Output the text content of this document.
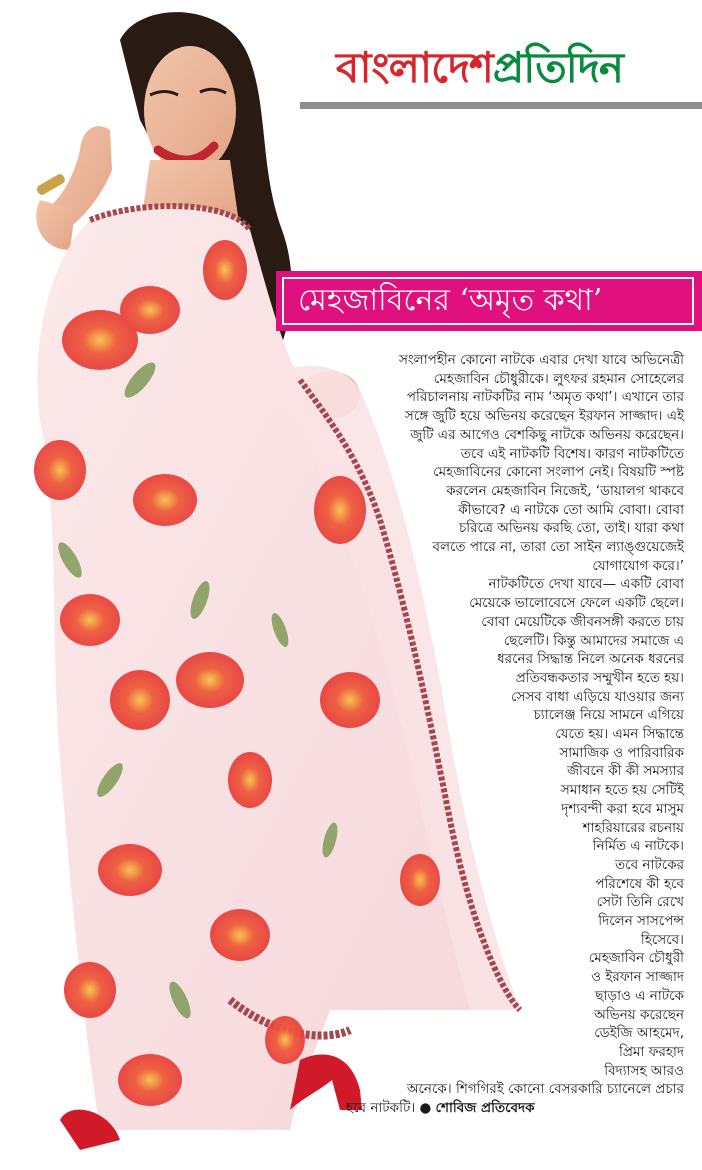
বাংলাদেশপ্রতিদিন
মেহজাবিনের ‘অমৃত কথা’
সংলাপহীন কোনো নাটকে এবার দেখা যাবে অভিনেত্রী
মেহজাবিন চৌধুরীকে। লুৎফর রহমান সোহেলের
পরিচালনায় নাটকটির নাম ‘অমৃত কথা’। এখানে তার
সঙ্গে জুটি হয়ে অভিনয় করেছেন ইরফান সাজ্জাদ। এই
জুটি এর আগেও বেশকিছু নাটকে অভিনয় করেছেন।
তবে এই নাটকটি বিশেষ। কারণ নাটকটিতে
মেহজাবিনের কোনো সংলাপ নেই। বিষয়টি স্পষ্ট
করলেন মেহজাবিন নিজেই, ‘ডায়ালগ থাকবে
কীভাবে? এ নাটকে তো আমি বোবা। বোবা
চরিত্রে অভিনয় করছি তো, তাই। যারা কথা
বলতে পারে না, তারা তো সাইন ল্যাঙ্গুয়েজেই
যোগাযোগ করে।’
নাটকটিতে দেখা যাবে— একটি বোবা
মেয়েকে ভালোবেসে ফেলে একটি ছেলে।
বোবা মেয়েটিকে জীবনসঙ্গী করতে চায়
ছেলেটি। কিন্তু আমাদের সমাজে এ
ধরনের সিদ্ধান্ত নিলে অনেক ধরনের
প্রতিবন্ধকতার সম্মুখীন হতে হয়।
সেসব বাধা এড়িয়ে যাওয়ার জন্য
চ্যালেঞ্জ নিয়ে সামনে এগিয়ে
যেতে হয়। এমন সিদ্ধান্তে
সামাজিক ও পারিবারিক
জীবনে কী কী সমস্যার
সমাধান হতে হয় সেটিই
দৃশ্যবন্দী করা হবে মাসুম
শাহরিয়ারের রচনায়
নির্মিত এ নাটকে।
তবে নাটকের
পরিশেষে কী হবে
সেটা তিনি রেখে
দিলেন সাসপেন্স
হিসেবে।
মেহজাবিন চৌধুরী
ও ইরফান সাজ্জাদ
ছাড়াও এ নাটকে
অভিনয় করেছেন
ডেইজি আহমেদ,
প্রিমা ফরহাদ
বিদ্যাসহ আরও
অনেকে। শিগগিরই কোনো বেসরকারি চ্যানেলে প্রচার
হবে নাটকটি। ● শোবিজ প্রতিবেদক
